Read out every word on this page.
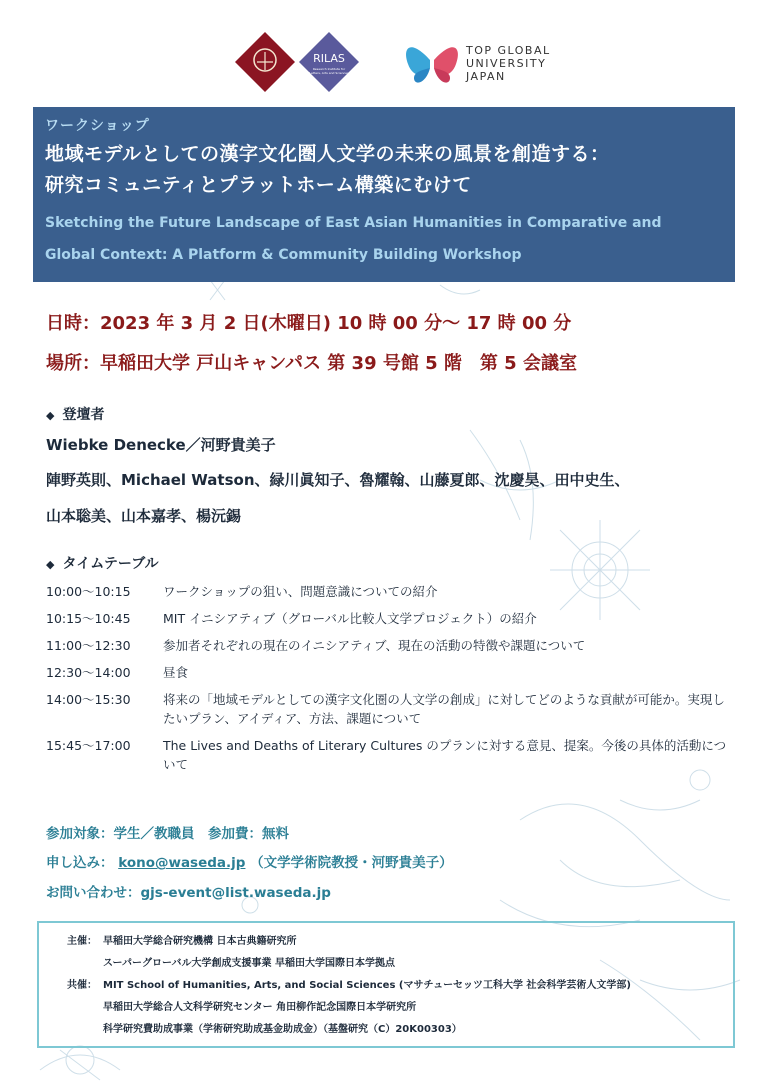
RILAS
Research Institute for
Letters, Arts and Sciences
TOP GLOBAL
UNIVERSITY
JAPAN
ワークショップ
地域モデルとしての漢字文化圏人文学の未来の風景を創造する：
研究コミュニティとプラットホーム構築にむけて
Sketching the Future Landscape of East Asian Humanities in Comparative and
Global Context: A Platform & Community Building Workshop
日時：2023 年 3 月 2 日(木曜日) 10 時 00 分～ 17 時 00 分
場所：早稲田大学 戸山キャンパス 第 39 号館 5 階　第 5 会議室
◆ 登壇者
Wiebke Denecke／河野貴美子
陣野英則、Michael Watson、緑川眞知子、魯耀翰、山藤夏郎、沈慶昊、田中史生、
山本聡美、山本嘉孝、楊沅錫
◆ タイムテーブル
10:00～10:15	ワークショップの狙い、問題意識についての紹介
10:15～10:45	MIT イニシアティブ（グローバル比較人文学プロジェクト）の紹介
11:00～12:30	参加者それぞれの現在のイニシアティブ、現在の活動の特徴や課題について
12:30～14:00	昼食
14:00～15:30	将来の「地域モデルとしての漢字文化圏の人文学の創成」に対してどのような貢献が可能か。実現したいプラン、アイディア、方法、課題について
15:45～17:00	The Lives and Deaths of Literary Cultures のプランに対する意見、提案。今後の具体的活動について
参加対象：学生／教職員　参加費：無料
申し込み： kono@waseda.jp （文学学術院教授・河野貴美子）
お問い合わせ：gjs-event@list.waseda.jp
主催： 早稲田大学総合研究機構 日本古典籍研究所
スーパーグローバル大学創成支援事業 早稲田大学国際日本学拠点
共催： MIT School of Humanities, Arts, and Social Sciences (マサチューセッツ工科大学 社会科学芸術人文学部)
早稲田大学総合人文科学研究センター 角田柳作記念国際日本学研究所
科学研究費助成事業（学術研究助成基金助成金）（基盤研究（C）20K00303）
